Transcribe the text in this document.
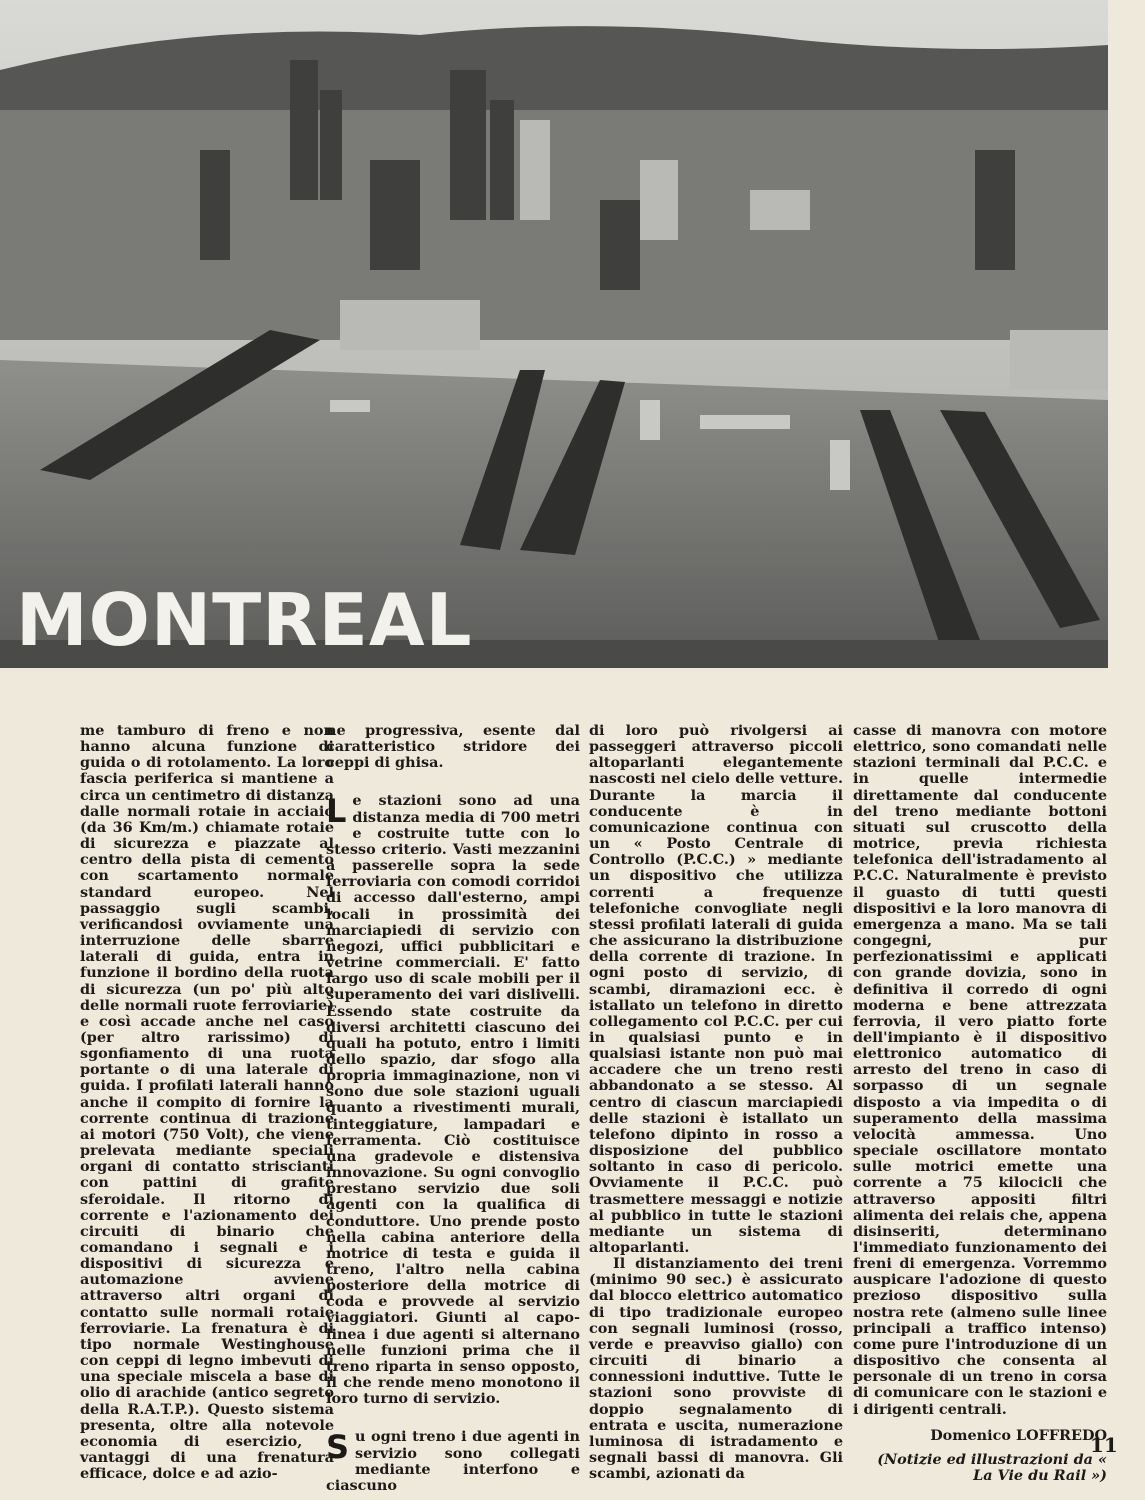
MONTREAL

me tamburo di freno e non hanno alcuna funzione di guida o di rotolamento. La loro fascia periferica si mantiene a circa un centimetro di distanza dalle normali rotaie in acciaio (da 36 Km/m.) chiamate rotaie di sicurezza e piazzate al centro della pista di cemento con scartamento normale standard europeo. Nel passaggio sugli scambi, verificandosi ovviamente una interruzione delle sbarre laterali di guida, entra in funzione il bordino della ruota di sicurezza (un po' più alto delle normali ruote ferroviarie) e così accade anche nel caso (per altro rarissimo) di sgonfiamento di una ruota portante o di una laterale di guida. I profilati laterali hanno anche il compito di fornire la corrente continua di trazione ai motori (750 Volt), che viene prelevata mediante speciali organi di contatto striscianti con pattini di grafite sferoidale. Il ritorno di corrente e l'azionamento dei circuiti di binario che comandano i segnali e i dispositivi di sicurezza e automazione avviene attraverso altri organi di contatto sulle normali rotaie ferroviarie. La frenatura è di tipo normale Westinghouse con ceppi di legno imbevuti di una speciale miscela a base di olio di arachide (antico segreto della R.A.T.P.). Questo sistema presenta, oltre alla notevole economia di esercizio, i vantaggi di una frenatura efficace, dolce e ad azio-

ne progressiva, esente dal caratteristico stridore dei ceppi di ghisa.

Le stazioni sono ad una distanza media di 700 metri e costruite tutte con lo stesso criterio. Vasti mezzanini a passerelle sopra la sede ferroviaria con comodi corridoi di accesso dall'esterno, ampi locali in prossimità dei marciapiedi di servizio con negozi, uffici pubblicitari e vetrine commerciali. E' fatto largo uso di scale mobili per il superamento dei vari dislivelli. Essendo state costruite da diversi architetti ciascuno dei quali ha potuto, entro i limiti dello spazio, dar sfogo alla propria immaginazione, non vi sono due sole stazioni uguali quanto a rivestimenti murali, tinteggiature, lampadari e ferramenta. Ciò costituisce una gradevole e distensiva innovazione. Su ogni convoglio prestano servizio due soli agenti con la qualifica di conduttore. Uno prende posto nella cabina anteriore della motrice di testa e guida il treno, l'altro nella cabina posteriore della motrice di coda e provvede al servizio viaggiatori. Giunti al capo-linea i due agenti si alternano nelle funzioni prima che il treno riparta in senso opposto, il che rende meno monotono il loro turno di servizio.

Su ogni treno i due agenti in servizio sono collegati mediante interfono e ciascuno

di loro può rivolgersi ai passeggeri attraverso piccoli altoparlanti elegantemente nascosti nel cielo delle vetture. Durante la marcia il conducente è in comunicazione continua con un « Posto Centrale di Controllo (P.C.C.) » mediante un dispositivo che utilizza correnti a frequenze telefoniche convogliate negli stessi profilati laterali di guida che assicurano la distribuzione della corrente di trazione. In ogni posto di servizio, di scambi, diramazioni ecc. è istallato un telefono in diretto collegamento col P.C.C. per cui in qualsiasi punto e in qualsiasi istante non può mai accadere che un treno resti abbandonato a se stesso. Al centro di ciascun marciapiedi delle stazioni è istallato un telefono dipinto in rosso a disposizione del pubblico soltanto in caso di pericolo. Ovviamente il P.C.C. può trasmettere messaggi e notizie al pubblico in tutte le stazioni mediante un sistema di altoparlanti.

Il distanziamento dei treni (minimo 90 sec.) è assicurato dal blocco elettrico automatico di tipo tradizionale europeo con segnali luminosi (rosso, verde e preavviso giallo) con circuiti di binario a connessioni induttive. Tutte le stazioni sono provviste di doppio segnalamento di entrata e uscita, numerazione luminosa di istradamento e segnali bassi di manovra. Gli scambi, azionati da

casse di manovra con motore elettrico, sono comandati nelle stazioni terminali dal P.C.C. e in quelle intermedie direttamente dal conducente del treno mediante bottoni situati sul cruscotto della motrice, previa richiesta telefonica dell'istradamento al P.C.C. Naturalmente è previsto il guasto di tutti questi dispositivi e la loro manovra di emergenza a mano. Ma se tali congegni, pur perfezionatissimi e applicati con grande dovizia, sono in definitiva il corredo di ogni moderna e bene attrezzata ferrovia, il vero piatto forte dell'impianto è il dispositivo elettronico automatico di arresto del treno in caso di sorpasso di un segnale disposto a via impedita o di superamento della massima velocità ammessa. Uno speciale oscillatore montato sulle motrici emette una corrente a 75 kilocicli che attraverso appositi filtri alimenta dei relais che, appena disinseriti, determinano l'immediato funzionamento dei freni di emergenza. Vorremmo auspicare l'adozione di questo prezioso dispositivo sulla nostra rete (almeno sulle linee principali a traffico intenso) come pure l'introduzione di un dispositivo che consenta al personale di un treno in corsa di comunicare con le stazioni e i dirigenti centrali.

Domenico LOFFREDO

(Notizie ed illustrazioni da « La Vie du Rail »)

11
